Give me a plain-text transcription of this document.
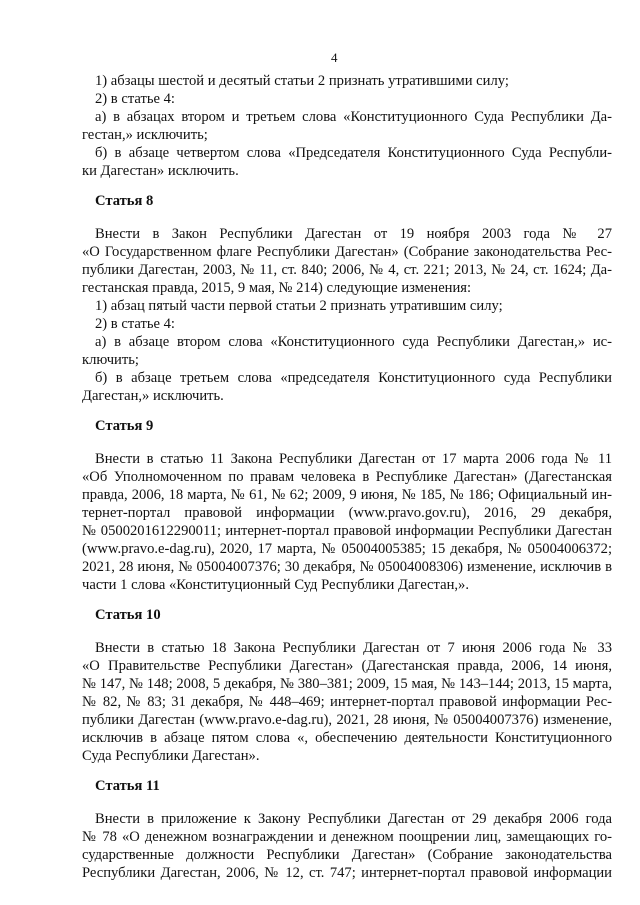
4
1) абзацы шестой и десятый статьи 2 признать утратившими силу;
2) в статье 4:
а) в абзацах втором и третьем слова «Конституционного Суда Республики Да-
гестан,» исключить;
б) в абзаце четвертом слова «Председателя Конституционного Суда Республи-
ки Дагестан» исключить.
Статья 8
Внести в Закон Республики Дагестан от 19 ноября 2003 года № 27
«О Государственном флаге Республики Дагестан» (Собрание законодательства Рес-
публики Дагестан, 2003, № 11, ст. 840; 2006, № 4, ст. 221; 2013, № 24, ст. 1624; Да-
гестанская правда, 2015, 9 мая, № 214) следующие изменения:
1) абзац пятый части первой статьи 2 признать утратившим силу;
2) в статье 4:
а) в абзаце втором слова «Конституционного суда Республики Дагестан,» ис-
ключить;
б) в абзаце третьем слова «председателя Конституционного суда Республики
Дагестан,» исключить.
Статья 9
Внести в статью 11 Закона Республики Дагестан от 17 марта 2006 года № 11
«Об Уполномоченном по правам человека в Республике Дагестан» (Дагестанская
правда, 2006, 18 марта, № 61, № 62; 2009, 9 июня, № 185, № 186; Официальный ин-
тернет-портал правовой информации (www.pravo.gov.ru), 2016, 29 декабря,
№ 0500201612290011; интернет-портал правовой информации Республики Дагестан
(www.pravo.e-dag.ru), 2020, 17 марта, № 05004005385; 15 декабря, № 05004006372;
2021, 28 июня, № 05004007376; 30 декабря, № 05004008306) изменение, исключив в
части 1 слова «Конституционный Суд Республики Дагестан,».
Статья 10
Внести в статью 18 Закона Республики Дагестан от 7 июня 2006 года № 33
«О Правительстве Республики Дагестан» (Дагестанская правда, 2006, 14 июня,
№ 147, № 148; 2008, 5 декабря, № 380–381; 2009, 15 мая, № 143–144; 2013, 15 марта,
№ 82, № 83; 31 декабря, № 448–469; интернет-портал правовой информации Рес-
публики Дагестан (www.pravo.e-dag.ru), 2021, 28 июня, № 05004007376) изменение,
исключив в абзаце пятом слова «, обеспечению деятельности Конституционного
Суда Республики Дагестан».
Статья 11
Внести в приложение к Закону Республики Дагестан от 29 декабря 2006 года
№ 78 «О денежном вознаграждении и денежном поощрении лиц, замещающих го-
сударственные должности Республики Дагестан» (Собрание законодательства
Республики Дагестан, 2006, № 12, ст. 747; интернет-портал правовой информации
